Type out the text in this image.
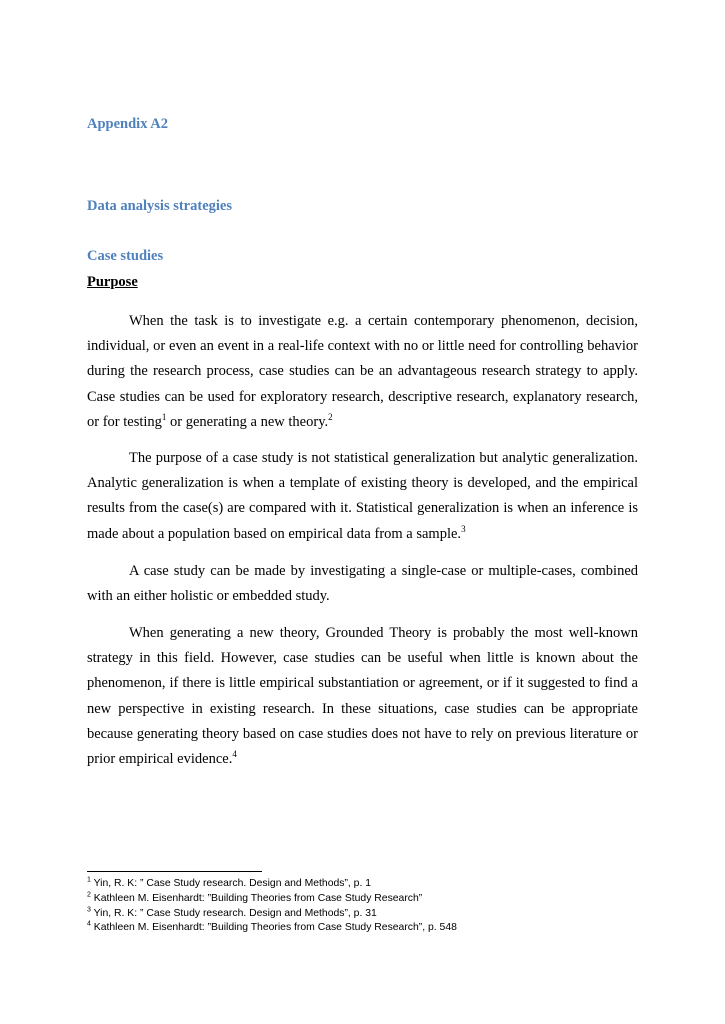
Appendix A2
Data analysis strategies
Case studies
Purpose

When the task is to investigate e.g. a certain contemporary phenomenon, decision, individual, or even an event in a real-life context with no or little need for controlling behavior during the research process, case studies can be an advantageous research strategy to apply. Case studies can be used for exploratory research, descriptive research, explanatory research, or for testing$^1$ or generating a new theory.$^2$

The purpose of a case study is not statistical generalization but analytic generalization. Analytic generalization is when a template of existing theory is developed, and the empirical results from the case(s) are compared with it. Statistical generalization is when an inference is made about a population based on empirical data from a sample.$^3$

A case study can be made by investigating a single-case or multiple-cases, combined with an either holistic or embedded study.

When generating a new theory, Grounded Theory is probably the most well-known strategy in this field. However, case studies can be useful when little is known about the phenomenon, if there is little empirical substantiation or agreement, or if it suggested to find a new perspective in existing research. In these situations, case studies can be appropriate because generating theory based on case studies does not have to rely on previous literature or prior empirical evidence.$^4$

$^1$ Yin, R. K: ” Case Study research. Design and Methods”, p. 1
$^2$ Kathleen M. Eisenhardt: ”Building Theories from Case Study Research”
$^3$ Yin, R. K: ” Case Study research. Design and Methods”, p. 31
$^4$ Kathleen M. Eisenhardt: ”Building Theories from Case Study Research”, p. 548
